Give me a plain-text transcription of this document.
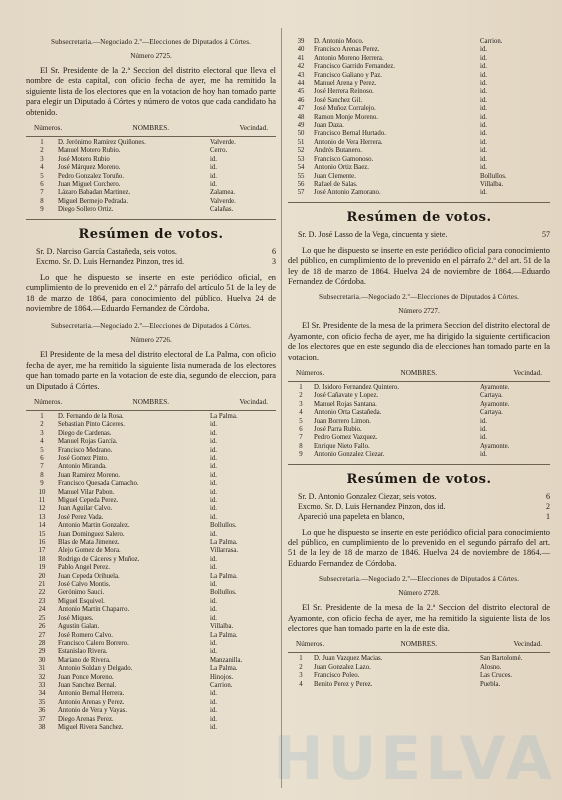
Subsecretaria.—Negociado 2.º—Elecciones de Diputados á Córtes.
Número 2725.

El Sr. Presidente de la 2.ª Seccion del distrito electoral que lleva el nombre de esta capital, con oficio fecha de ayer, me ha remitido la siguiente lista de los electores que en la votacion de hoy han tomado parte para elegir un Diputado á Córtes y número de votos que cada candidato ha obtenido.

Números.	NOMBRES.	Vecindad.
1	D. Jerónimo Ramirez Quiñones.	Valverde.
2	Manuel Motero Rubio.	Cerro.
3	José Motero Rubio	id.
4	José Márquez Moreno.	id.
5	Pedro Gonzalez Toruño.	id.
6	Juan Miguel Corchero.	id.
7	Lázaro Babadan Martinez.	Zalamea.
8	Miguel Bermejo Pedrada.	Valverde.
9	Diego Sollero Ortiz.	Calañas.
Resúmen de votos.
Sr. D. Narciso García Castañeda, seis votos.	6
Excmo. Sr. D. Luis Hernandez Pinzon, tres id.	3

Lo que he dispuesto se inserte en este periódico oficial, en cumplimiento de lo prevenido en el 2.º párrafo del artículo 51 de la ley de 18 de marzo de 1864, para conocimiento del público. Huelva 24 de noviembre de 1864.—Eduardo Fernandez de Córdoba.

Subsecretaria.—Negociado 2.º—Elecciones de Diputados á Córtes.
Número 2726.

El Presidente de la mesa del distrito electoral de La Palma, con oficio fecha de ayer, me ha remitido la siguiente lista numerada de los electores que han tomado parte en la votacion de este dia, segundo de eleccion, para un Diputado á Córtes.

Números.	NOMBRES.	Vecindad.
1	D. Fernando de la Rosa.	La Palma.
2	Sebastian Pinto Cáceres.	id.
3	Diego de Cardenas.	id.
4	Manuel Rojas García.	id.
5	Francisco Medrano.	id.
6	José Gomez Pinto.	id.
7	Antonio Miranda.	id.
8	Juan Ramirez Moreno.	id.
9	Francisco Quesada Camacho.	id.
10	Manuel Vilar Pabon.	id.
11	Miguel Cepeda Perez.	id.
12	Juan Aguilar Calvo.	id.
13	José Perez Vada.	id.
14	Antonio Martin Gonzalez.	Bollullos.
15	Juan Dominguez Salero.	id.
16	Blas de Mata Jimenez.	La Palma.
17	Alejo Gomez de Mora.	Villarrasa.
18	Rodrigo de Cáceres y Muñoz.	id.
19	Pablo Angel Perez.	id.
20	Juan Cepeda Orihuela.	La Palma.
21	José Calvo Montis.	id.
22	Gerónimo Sauci.	Bollullos.
23	Miguel Esquivel.	id.
24	Antonio Martin Chaparro.	id.
25	José Miques.	id.
26	Agustin Galan.	Villalba.
27	José Romero Calvo.	La Palma.
28	Francisco Calero Borrero.	id.
29	Estanislao Rivera.	id.
30	Mariano de Rivera.	Manzanilla.
31	Antonio Soldan y Delgado.	La Palma.
32	Juan Ponce Moreno.	Hinojos.
33	Juan Sanchez Bernal.	Carrion.
34	Antonio Bernal Herrera.	id.
35	Antonio Arenas y Perez.	id.
36	Antonio de Vera y Vayas.	id.
37	Diego Arenas Perez.	id.
38	Miguel Rivera Sanchez.	id.
39	D. Antonio Moco.	Carrion.
40	Francisco Arenas Perez.	id.
41	Antonio Moreno Herrera.	id.
42	Francisco Garrido Fernandez.	id.
43	Francisco Galiano y Paz.	id.
44	Manuel Arena y Perez.	id.
45	José Herrera Reinoso.	id.
46	José Sanchez Gil.	id.
47	José Muñoz Corralejo.	id.
48	Ramon Monje Moreno.	id.
49	Juan Daza.	id.
50	Francisco Bernal Hurtado.	id.
51	Antonio de Vera Herrera.	id.
52	Andrés Butanero.	id.
53	Francisco Gamonoso.	id.
54	Antonio Ortiz Baez.	id.
55	Juan Clemente.	Bollullos.
56	Rafael de Salas.	Villalba.
57	José Antonio Zamorano.	id.
Resúmen de votos.
Sr. D. José Lasso de la Vega, cincuenta y siete.	57

Lo que he dispuesto se inserte en este periódico oficial para conocimiento del público, en cumplimiento de lo prevenido en el párrafo 2.º del art. 51 de la ley de 18 de marzo de 1864. Huelva 24 de noviembre de 1864.—Eduardo Fernandez de Córdoba.

Subsecretaria.—Negociado 2.º—Elecciones de Diputados á Córtes.
Número 2727.

El Sr. Presidente de la mesa de la primera Seccion del distrito electoral de Ayamonte, con oficio fecha de ayer, me ha dirigido la siguiente certificacion de los electores que en este segundo dia de elecciones han tomado parte en la votacion.

Números.	NOMBRES.	Vecindad.
1	D. Isidoro Fernandez Quintero.	Ayamonte.
2	José Cañavate y Lopez.	Cartaya.
3	Manuel Rojas Santana.	Ayamonte.
4	Antonio Orta Castañeda.	Cartaya.
5	Juan Borrero Limon.	id.
6	José Parra Rubio.	id.
7	Pedro Gomez Vazquez.	id.
8	Enrique Nieto Fallo.	Ayamonte.
9	Antonio Gonzalez Ciezar.	id.
Resúmen de votos.
Sr. D. Antonio Gonzalez Ciezar, seis votos.	6
Excmo. Sr. D. Luis Hernandez Pinzon, dos id.	2
Apareció una papeleta en blanco,	1

Lo que he dispuesto se inserte en este periódico oficial para conocimiento del público, en cumplimiento de lo prevenido en el segundo párrafo del art. 51 de la ley de 18 de marzo de 1846. Huelva 24 de noviembre de 1864.—Eduardo Fernandez de Córdoba.

Subsecretaria.—Negociado 2.º—Elecciones de Diputados á Córtes.
Número 2728.

El Sr. Presidente de la mesa de la 2.ª Seccion del distrito electoral de Ayamonte, con oficio fecha de ayer, me ha remitido la siguiente lista de los electores que han tomado parte en la de este dia.

Números.	NOMBRES.	Vecindad.
1	D. Juan Vazquez Macias.	San Bartolomé.
2	Juan Gonzalez Lazo.	Alosno.
3	Francisco Poleo.	Las Cruces.
4	Benito Perez y Perez.	Puebla.
HUELVA
